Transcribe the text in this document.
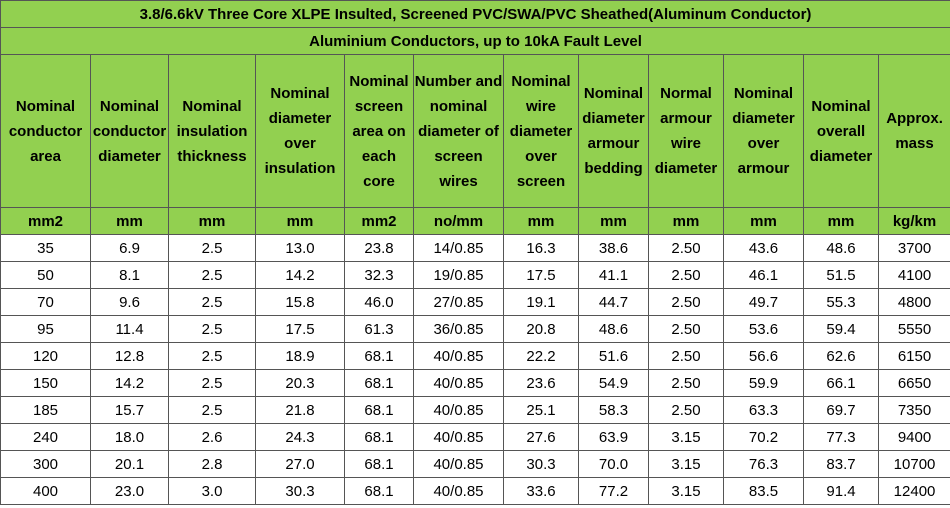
3.8/6.6kV Three Core XLPE Insulted, Screened PVC/SWA/PVC Sheathed(Aluminum Conductor)											
Aluminium Conductors, up to 10kA Fault Level											
Nominal conductor area	Nominal conductor diameter	Nominal insulation thickness	Nominal diameter over insulation	Nominal screen area on each core	Number and nominal diameter of screen wires	Nominal wire diameter over screen	Nominal diameter armour bedding	Normal armour wire diameter	Nominal diameter over armour	Nominal overall diameter	Approx. mass
mm2	mm	mm	mm	mm2	no/mm	mm	mm	mm	mm	mm	kg/km
35	6.9	2.5	13.0	23.8	14/0.85	16.3	38.6	2.50	43.6	48.6	3700
50	8.1	2.5	14.2	32.3	19/0.85	17.5	41.1	2.50	46.1	51.5	4100
70	9.6	2.5	15.8	46.0	27/0.85	19.1	44.7	2.50	49.7	55.3	4800
95	11.4	2.5	17.5	61.3	36/0.85	20.8	48.6	2.50	53.6	59.4	5550
120	12.8	2.5	18.9	68.1	40/0.85	22.2	51.6	2.50	56.6	62.6	6150
150	14.2	2.5	20.3	68.1	40/0.85	23.6	54.9	2.50	59.9	66.1	6650
185	15.7	2.5	21.8	68.1	40/0.85	25.1	58.3	2.50	63.3	69.7	7350
240	18.0	2.6	24.3	68.1	40/0.85	27.6	63.9	3.15	70.2	77.3	9400
300	20.1	2.8	27.0	68.1	40/0.85	30.3	70.0	3.15	76.3	83.7	10700
400	23.0	3.0	30.3	68.1	40/0.85	33.6	77.2	3.15	83.5	91.4	12400
